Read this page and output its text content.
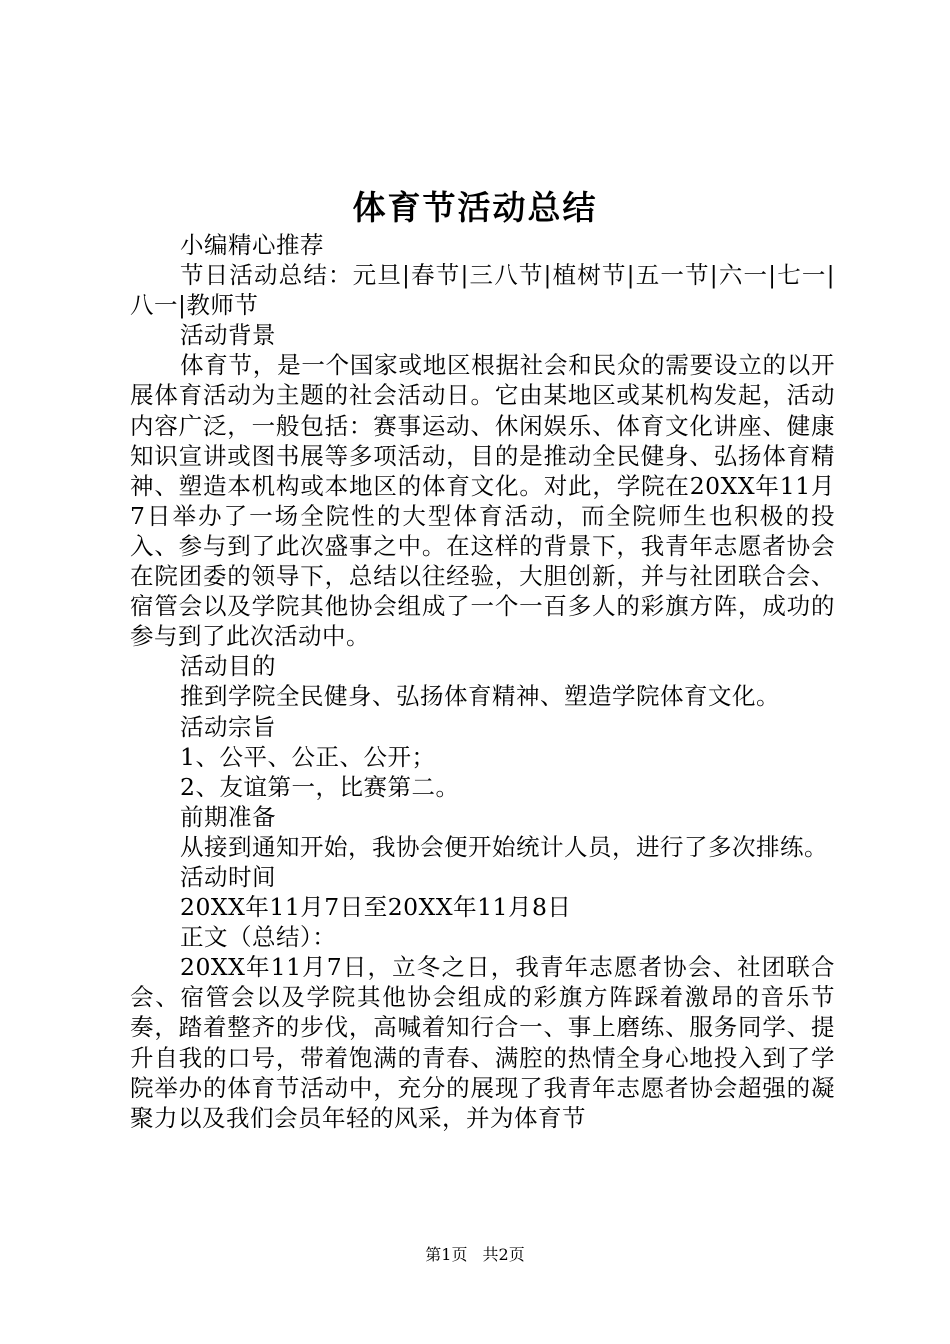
体育节活动总结

小编精心推荐

节日活动总结：元旦|春节|三八节|植树节|五一节|六一|七一|八一|教师节

活动背景

体育节，是一个国家或地区根据社会和民众的需要设立的以开展体育活动为主题的社会活动日。它由某地区或某机构发起，活动内容广泛，一般包括：赛事运动、休闲娱乐、体育文化讲座、健康知识宣讲或图书展等多项活动，目的是推动全民健身、弘扬体育精神、塑造本机构或本地区的体育文化。对此，学院在20XX年11月7日举办了一场全院性的大型体育活动，而全院师生也积极的投入、参与到了此次盛事之中。在这样的背景下，我青年志愿者协会在院团委的领导下，总结以往经验，大胆创新，并与社团联合会、宿管会以及学院其他协会组成了一个一百多人的彩旗方阵，成功的参与到了此次活动中。

活动目的

推到学院全民健身、弘扬体育精神、塑造学院体育文化。

活动宗旨

1、公平、公正、公开；

2、友谊第一，比赛第二。

前期准备

从接到通知开始，我协会便开始统计人员，进行了多次排练。

活动时间

20XX年11月7日至20XX年11月8日

正文（总结）：

20XX年11月7日，立冬之日，我青年志愿者协会、社团联合会、宿管会以及学院其他协会组成的彩旗方阵踩着激昂的音乐节奏，踏着整齐的步伐，高喊着知行合一、事上磨练、服务同学、提升自我的口号，带着饱满的青春、满腔的热情全身心地投入到了学院举办的体育节活动中，充分的展现了我青年志愿者协会超强的凝聚力以及我们会员年轻的风采，并为体育节

第1页 共2页
